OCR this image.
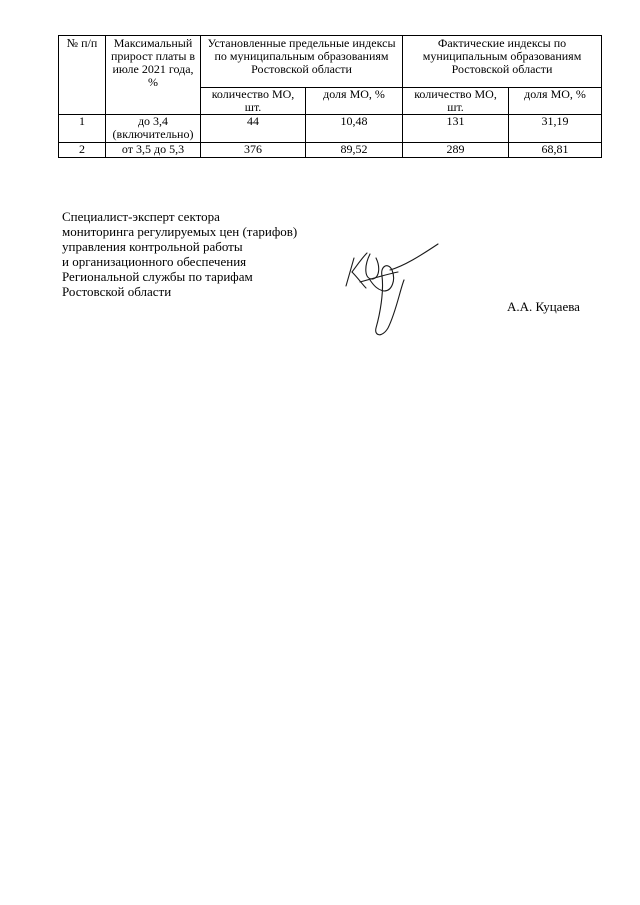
№ п/п	Максимальный прирост платы в июле 2021 года, %	Установленные предельные индексы по муниципальным образованиям Ростовской области		Фактические индексы по муниципальным образованиям Ростовской области	
		количество МО, шт.	доля МО, %	количество МО, шт.	доля МО, %
1	до 3,4 (включительно)	44	10,48	131	31,19
2	от 3,5 до 5,3	376	89,52	289	68,81
Специалист-эксперт сектора
мониторинга регулируемых цен (тарифов)
управления контрольной работы
и организационного обеспечения
Региональной службы по тарифам
Ростовской области
А.А. Куцаева
